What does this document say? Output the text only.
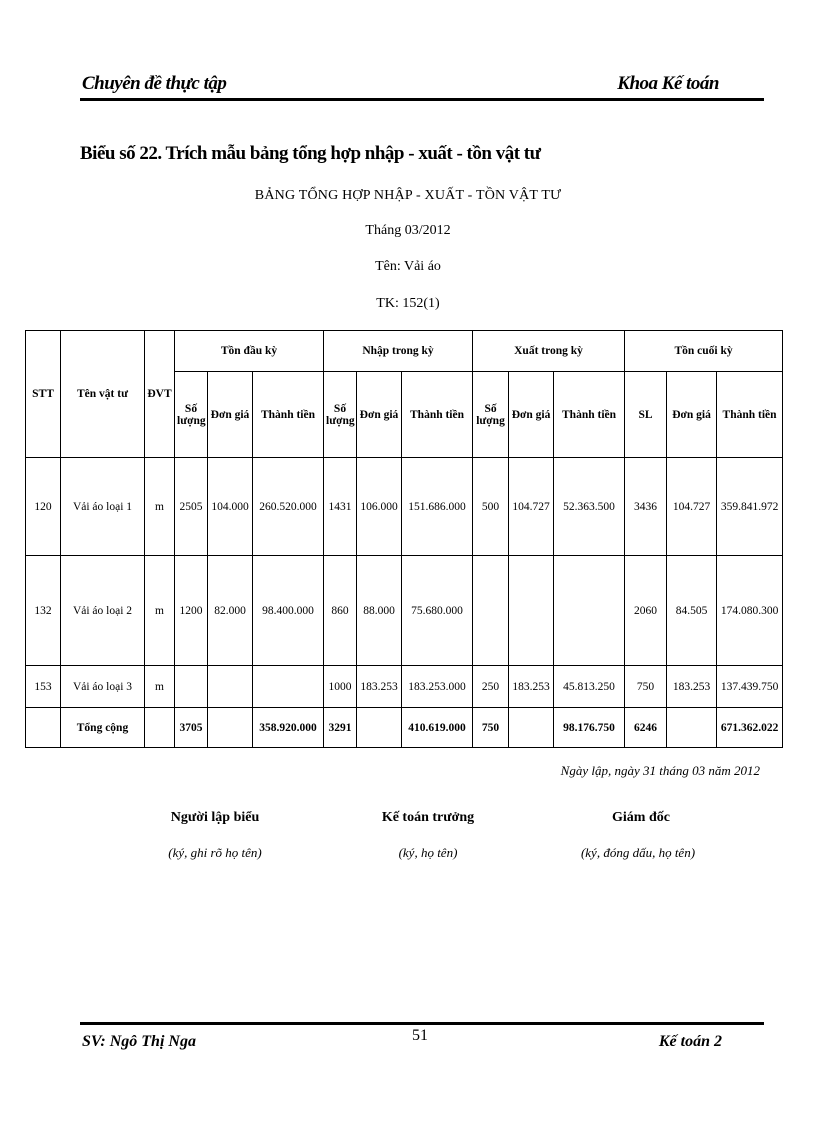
Chuyên đề thực tập	Khoa Kế toán
Biểu số 22. Trích mẫu bảng tổng hợp nhập - xuất - tồn vật tư
BẢNG TỔNG HỢP NHẬP - XUẤT - TỒN VẬT TƯ
Tháng 03/2012
Tên: Vải áo
TK: 152(1)
STT	Tên vật tư	ĐVT	Tồn đầu kỳ			Nhập trong kỳ			Xuất trong kỳ			Tồn cuối kỳ		
			Số lượng	Đơn giá	Thành tiền	Số lượng	Đơn giá	Thành tiền	Số lượng	Đơn giá	Thành tiền	SL	Đơn giá	Thành tiền
120	Vải áo loại 1	m	2505	104.000	260.520.000	1431	106.000	151.686.000	500	104.727	52.363.500	3436	104.727	359.841.972
132	Vải áo loại 2	m	1200	82.000	98.400.000	860	88.000	75.680.000				2060	84.505	174.080.300
153	Vải áo loại 3	m				1000	183.253	183.253.000	250	183.253	45.813.250	750	183.253	137.439.750
	Tổng cộng		3705		358.920.000	3291		410.619.000	750		98.176.750	6246		671.362.022
Ngày lập, ngày 31 tháng 03 năm 2012
Người lập biểu
(ký, ghi rõ họ tên)
Kế toán trưởng
(ký, họ tên)
Giám đốc
(ký, đóng dấu, họ tên)
SV: Ngô Thị Nga	51	Kế toán 2
